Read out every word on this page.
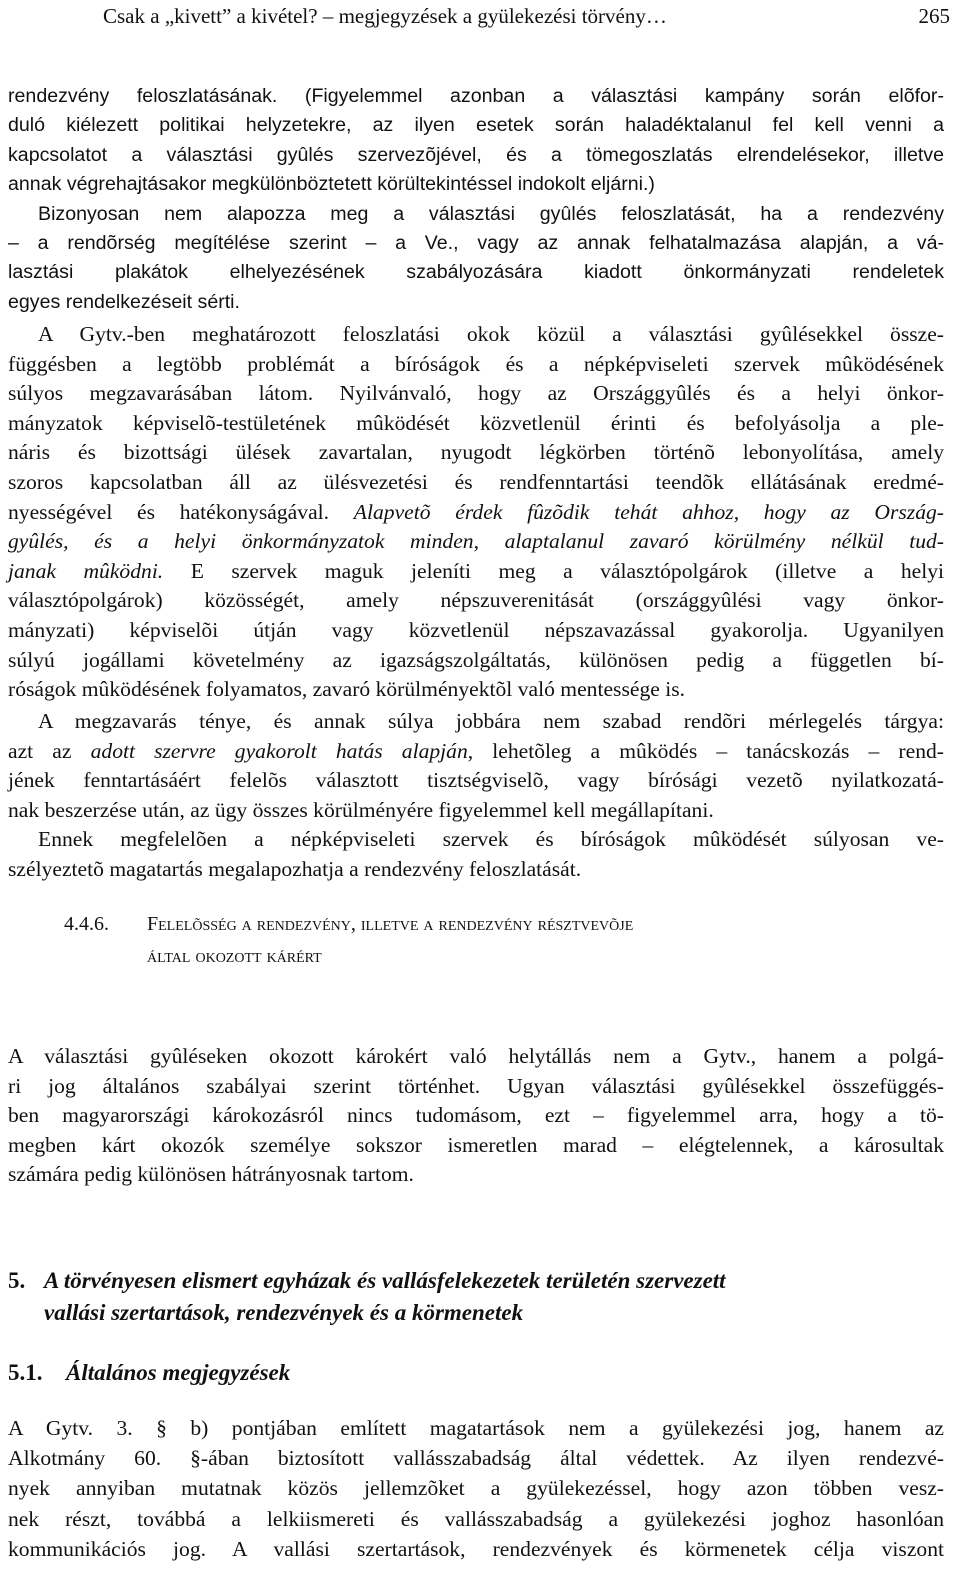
Csak a „kivett” a kivétel? – megjegyzések a gyülekezési törvény…	265
rendezvény feloszlatásának. (Figyelemmel azonban a választási kampány során elõfor-
duló kiélezett politikai helyzetekre, az ilyen esetek során haladéktalanul fel kell venni a
kapcsolatot a választási gyûlés szervezõjével, és a tömegoszlatás elrendelésekor, illetve
annak végrehajtásakor megkülönböztetett körültekintéssel indokolt eljárni.)
Bizonyosan nem alapozza meg a választási gyûlés feloszlatását, ha a rendezvény
– a rendõrség megítélése szerint – a Ve., vagy az annak felhatalmazása alapján, a vá-
lasztási plakátok elhelyezésének szabályozására kiadott önkormányzati rendeletek
egyes rendelkezéseit sérti.
A Gytv.-ben meghatározott feloszlatási okok közül a választási gyûlésekkel össze-
függésben a legtöbb problémát a bíróságok és a népképviseleti szervek mûködésének
súlyos megzavarásában látom. Nyilvánvaló, hogy az Országgyûlés és a helyi önkor-
mányzatok képviselõ-testületének mûködését közvetlenül érinti és befolyásolja a ple-
náris és bizottsági ülések zavartalan, nyugodt légkörben történõ lebonyolítása, amely
szoros kapcsolatban áll az ülésvezetési és rendfenntartási teendõk ellátásának eredmé-
nyességével és hatékonyságával. Alapvetõ érdek fûzõdik tehát ahhoz, hogy az Ország-
gyûlés, és a helyi önkormányzatok minden, alaptalanul zavaró körülmény nélkül tud-
janak mûködni. E szervek maguk jeleníti meg a választópolgárok (illetve a helyi
választópolgárok) közösségét, amely népszuverenitását (országgyûlési vagy önkor-
mányzati) képviselõi útján vagy közvetlenül népszavazással gyakorolja. Ugyanilyen
súlyú jogállami követelmény az igazságszolgáltatás, különösen pedig a független bí-
róságok mûködésének folyamatos, zavaró körülményektõl való mentessége is.
A megzavarás ténye, és annak súlya jobbára nem szabad rendõri mérlegelés tárgya:
azt az adott szervre gyakorolt hatás alapján, lehetõleg a mûködés – tanácskozás – rend-
jének fenntartásáért felelõs választott tisztségviselõ, vagy bírósági vezetõ nyilatkozatá-
nak beszerzése után, az ügy összes körülményére figyelemmel kell megállapítani.
Ennek megfelelõen a népképviseleti szervek és bíróságok mûködését súlyosan ve-
szélyeztetõ magatartás megalapozhatja a rendezvény feloszlatását.
4.4.6. Felelõsség a rendezvény, illetve a rendezvény résztvevõje
által okozott kárért
A választási gyûléseken okozott károkért való helytállás nem a Gytv., hanem a polgá-
ri jog általános szabályai szerint történhet. Ugyan választási gyûlésekkel összefüggés-
ben magyarországi károkozásról nincs tudomásom, ezt – figyelemmel arra, hogy a tö-
megben kárt okozók személye sokszor ismeretlen marad – elégtelennek, a károsultak
számára pedig különösen hátrányosnak tartom.
5. A törvényesen elismert egyházak és vallásfelekezetek területén szervezett
vallási szertartások, rendezvények és a körmenetek
5.1. Általános megjegyzések
A Gytv. 3. § b) pontjában említett magatartások nem a gyülekezési jog, hanem az
Alkotmány 60. §-ában biztosított vallásszabadság által védettek. Az ilyen rendezvé-
nyek annyiban mutatnak közös jellemzõket a gyülekezéssel, hogy azon többen vesz-
nek részt, továbbá a lelkiismereti és vallásszabadság a gyülekezési joghoz hasonlóan
kommunikációs jog. A vallási szertartások, rendezvények és körmenetek célja viszont
